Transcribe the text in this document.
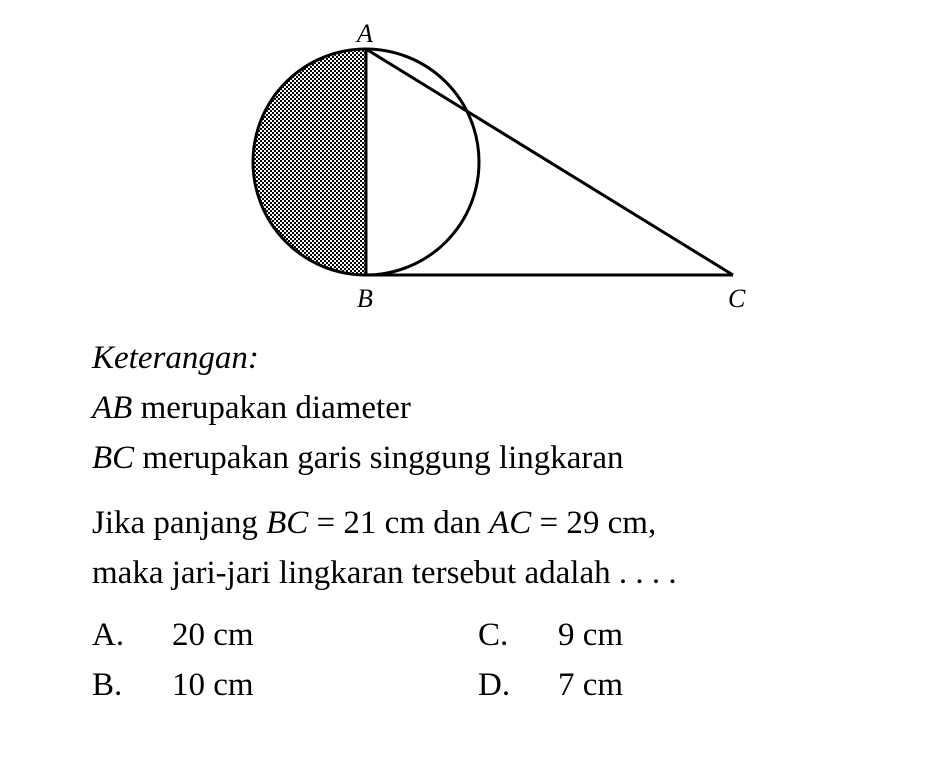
A
B	C
Keterangan:
AB merupakan diameter
BC merupakan garis singgung lingkaran
Jika panjang BC = 21 cm dan AC = 29 cm,
maka jari-jari lingkaran tersebut adalah . . . .
A. 20 cm
B. 10 cm
C. 9 cm
D. 7 cm
